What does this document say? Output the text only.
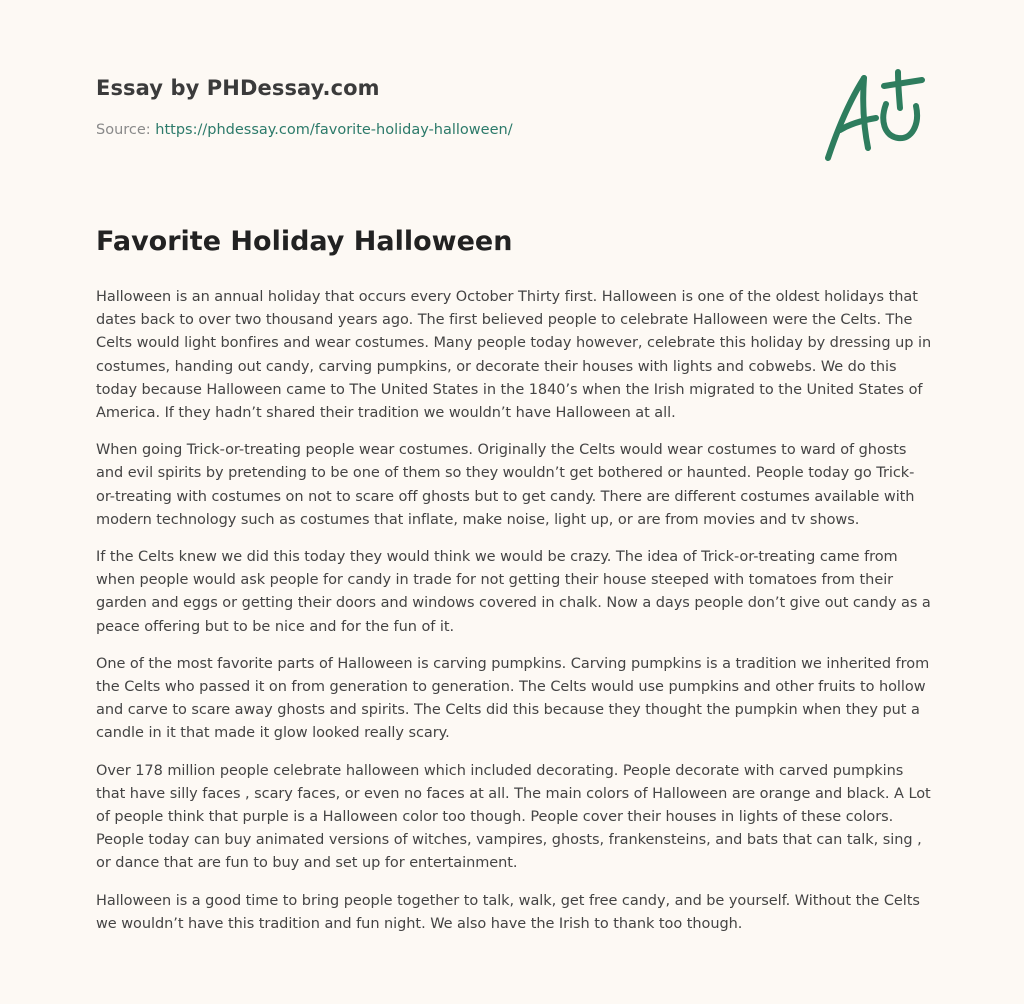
Essay by PHDessay.com
Source: https://phdessay.com/favorite-holiday-halloween/
Favorite Holiday Halloween

Halloween is an annual holiday that occurs every October Thirty first. Halloween is one of the oldest holidays that dates back to over two thousand years ago. The first believed people to celebrate Halloween were the Celts. The Celts would light bonfires and wear costumes. Many people today however, celebrate this holiday by dressing up in costumes, handing out candy, carving pumpkins, or decorate their houses with lights and cobwebs. We do this today because Halloween came to The United States in the 1840’s when the Irish migrated to the United States of America. If they hadn’t shared their tradition we wouldn’t have Halloween at all.

When going Trick-or-treating people wear costumes. Originally the Celts would wear costumes to ward of ghosts and evil spirits by pretending to be one of them so they wouldn’t get bothered or haunted. People today go Trick-or-treating with costumes on not to scare off ghosts but to get candy. There are different costumes available with modern technology such as costumes that inflate, make noise, light up, or are from movies and tv shows.

If the Celts knew we did this today they would think we would be crazy. The idea of Trick-or-treating came from when people would ask people for candy in trade for not getting their house steeped with tomatoes from their garden and eggs or getting their doors and windows covered in chalk. Now a days people don’t give out candy as a peace offering but to be nice and for the fun of it.

One of the most favorite parts of Halloween is carving pumpkins. Carving pumpkins is a tradition we inherited from the Celts who passed it on from generation to generation. The Celts would use pumpkins and other fruits to hollow and carve to scare away ghosts and spirits. The Celts did this because they thought the pumpkin when they put a candle in it that made it glow looked really scary.

Over 178 million people celebrate halloween which included decorating. People decorate with carved pumpkins that have silly faces , scary faces, or even no faces at all. The main colors of Halloween are orange and black. A Lot of people think that purple is a Halloween color too though. People cover their houses in lights of these colors. People today can buy animated versions of witches, vampires, ghosts, frankensteins, and bats that can talk, sing , or dance that are fun to buy and set up for entertainment.

Halloween is a good time to bring people together to talk, walk, get free candy, and be yourself. Without the Celts we wouldn’t have this tradition and fun night. We also have the Irish to thank too though.
